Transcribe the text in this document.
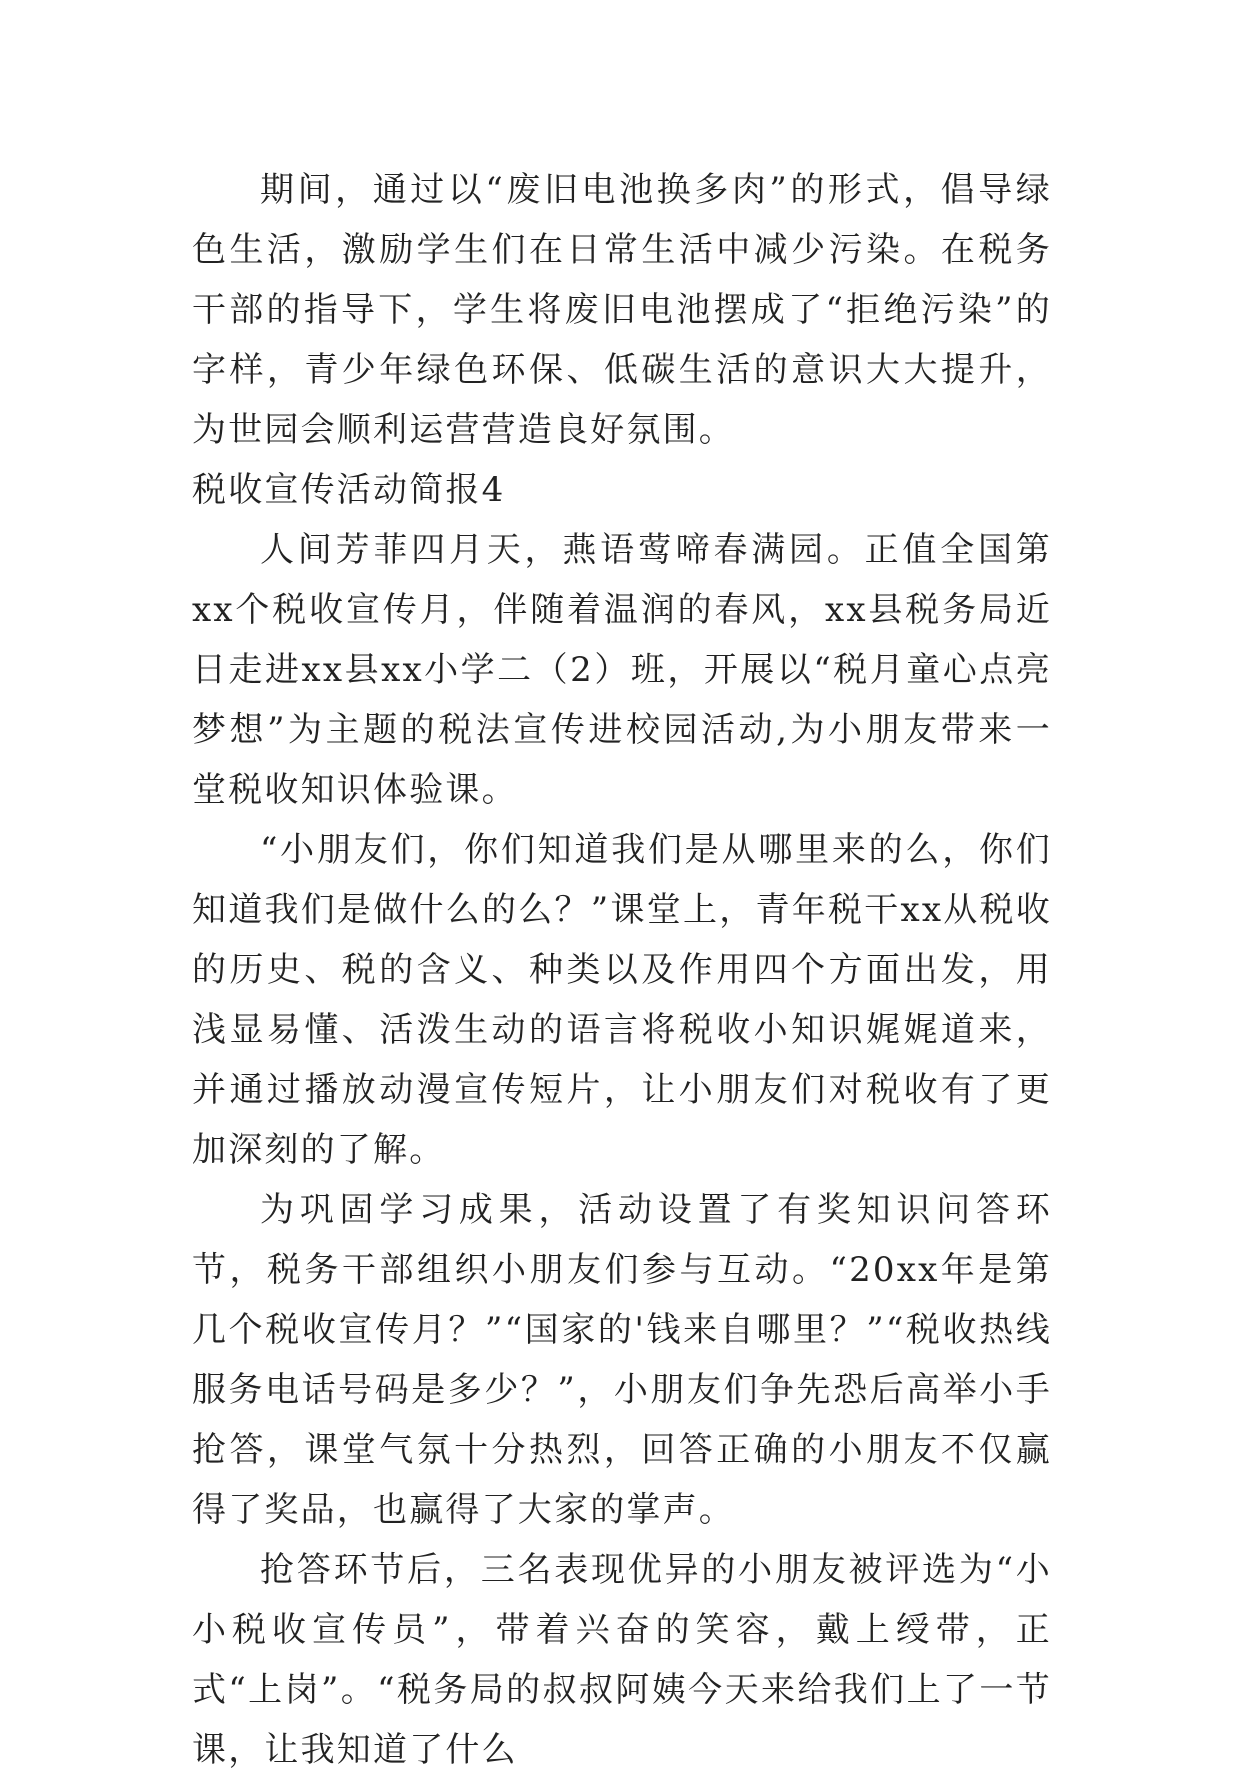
期间，通过以“废旧电池换多肉”的形式，倡导绿色生活，激励学生们在日常生活中减少污染。在税务干部的指导下，学生将废旧电池摆成了“拒绝污染”的字样，青少年绿色环保、低碳生活的意识大大提升，为世园会顺利运营营造良好氛围。

税收宣传活动简报4

人间芳菲四月天，燕语莺啼春满园。正值全国第xx个税收宣传月，伴随着温润的春风，xx县税务局近日走进xx县xx小学二（2）班，开展以“税月童心点亮梦想”为主题的税法宣传进校园活动,为小朋友带来一堂税收知识体验课。

“小朋友们，你们知道我们是从哪里来的么，你们知道我们是做什么的么？”课堂上，青年税干xx从税收的历史、税的含义、种类以及作用四个方面出发，用浅显易懂、活泼生动的语言将税收小知识娓娓道来，并通过播放动漫宣传短片，让小朋友们对税收有了更加深刻的了解。

为巩固学习成果，活动设置了有奖知识问答环节，税务干部组织小朋友们参与互动。“20xx年是第几个税收宣传月？”“国家的'钱来自哪里？”“税收热线服务电话号码是多少？”，小朋友们争先恐后高举小手抢答，课堂气氛十分热烈，回答正确的小朋友不仅赢得了奖品，也赢得了大家的掌声。

抢答环节后，三名表现优异的小朋友被评选为“小小税收宣传员”，带着兴奋的笑容，戴上绶带，正式“上岗”。“税务局的叔叔阿姨今天来给我们上了一节课，让我知道了什么
